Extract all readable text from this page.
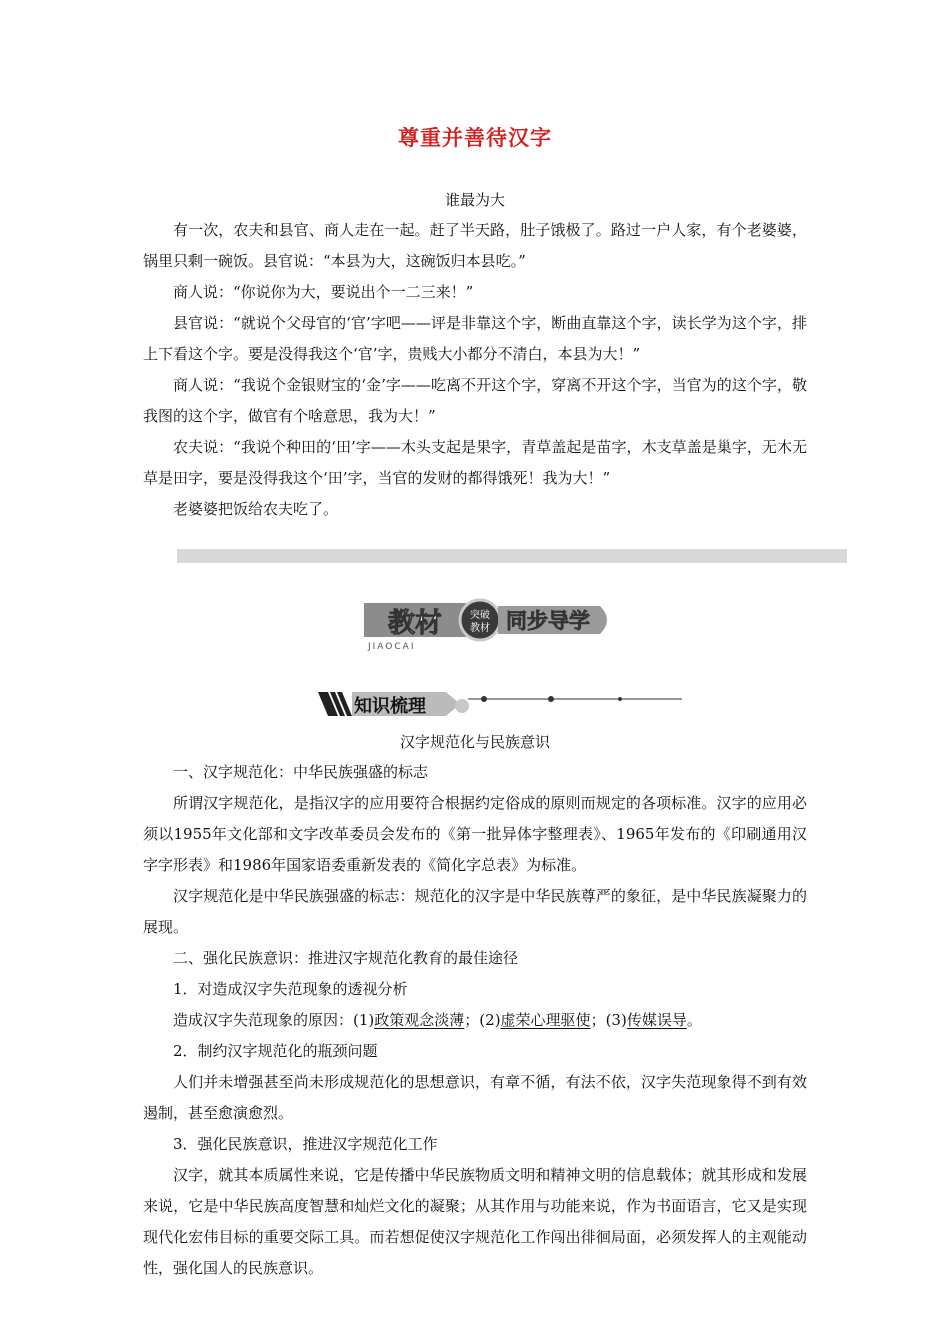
尊重并善待汉字
谁最为大

有一次，农夫和县官、商人走在一起。赶了半天路，肚子饿极了。路过一户人家，有个老婆婆，锅里只剩一碗饭。县官说：“本县为大，这碗饭归本县吃。”

商人说：“你说你为大，要说出个一二三来！”

县官说：“就说个父母官的‘官’字吧——评是非靠这个字，断曲直靠这个字，读长学为这个字，排上下看这个字。要是没得我这个‘官’字，贵贱大小都分不清白，本县为大！”

商人说：“我说个金银财宝的‘金’字——吃离不开这个字，穿离不开这个字，当官为的这个字，敬我图的这个字，做官有个啥意思，我为大！”

农夫说：“我说个种田的‘田’字——木头支起是果字，青草盖起是苗字，木支草盖是巢字，无木无草是田字，要是没得我这个‘田’字，当官的发财的都得饿死！我为大！”

老婆婆把饭给农夫吃了。

教材
JIAOCAI
突破
教材 同步导学
知识梳理
汉字规范化与民族意识

一、汉字规范化：中华民族强盛的标志

所谓汉字规范化，是指汉字的应用要符合根据约定俗成的原则而规定的各项标准。汉字的应用必须以1955年文化部和文字改革委员会发布的《第一批异体字整理表》、1965年发布的《印刷通用汉字字形表》和1986年国家语委重新发表的《简化字总表》为标准。

汉字规范化是中华民族强盛的标志：规范化的汉字是中华民族尊严的象征，是中华民族凝聚力的展现。

二、强化民族意识：推进汉字规范化教育的最佳途径

1．对造成汉字失范现象的透视分析

造成汉字失范现象的原因：(1)政策观念淡薄；(2)虚荣心理驱使；(3)传媒误导。

2．制约汉字规范化的瓶颈问题

人们并未增强甚至尚未形成规范化的思想意识，有章不循，有法不依，汉字失范现象得不到有效遏制，甚至愈演愈烈。

3．强化民族意识，推进汉字规范化工作

汉字，就其本质属性来说，它是传播中华民族物质文明和精神文明的信息载体；就其形成和发展来说，它是中华民族高度智慧和灿烂文化的凝聚；从其作用与功能来说，作为书面语言，它又是实现现代化宏伟目标的重要交际工具。而若想促使汉字规范化工作闯出徘徊局面，必须发挥人的主观能动性，强化国人的民族意识。
